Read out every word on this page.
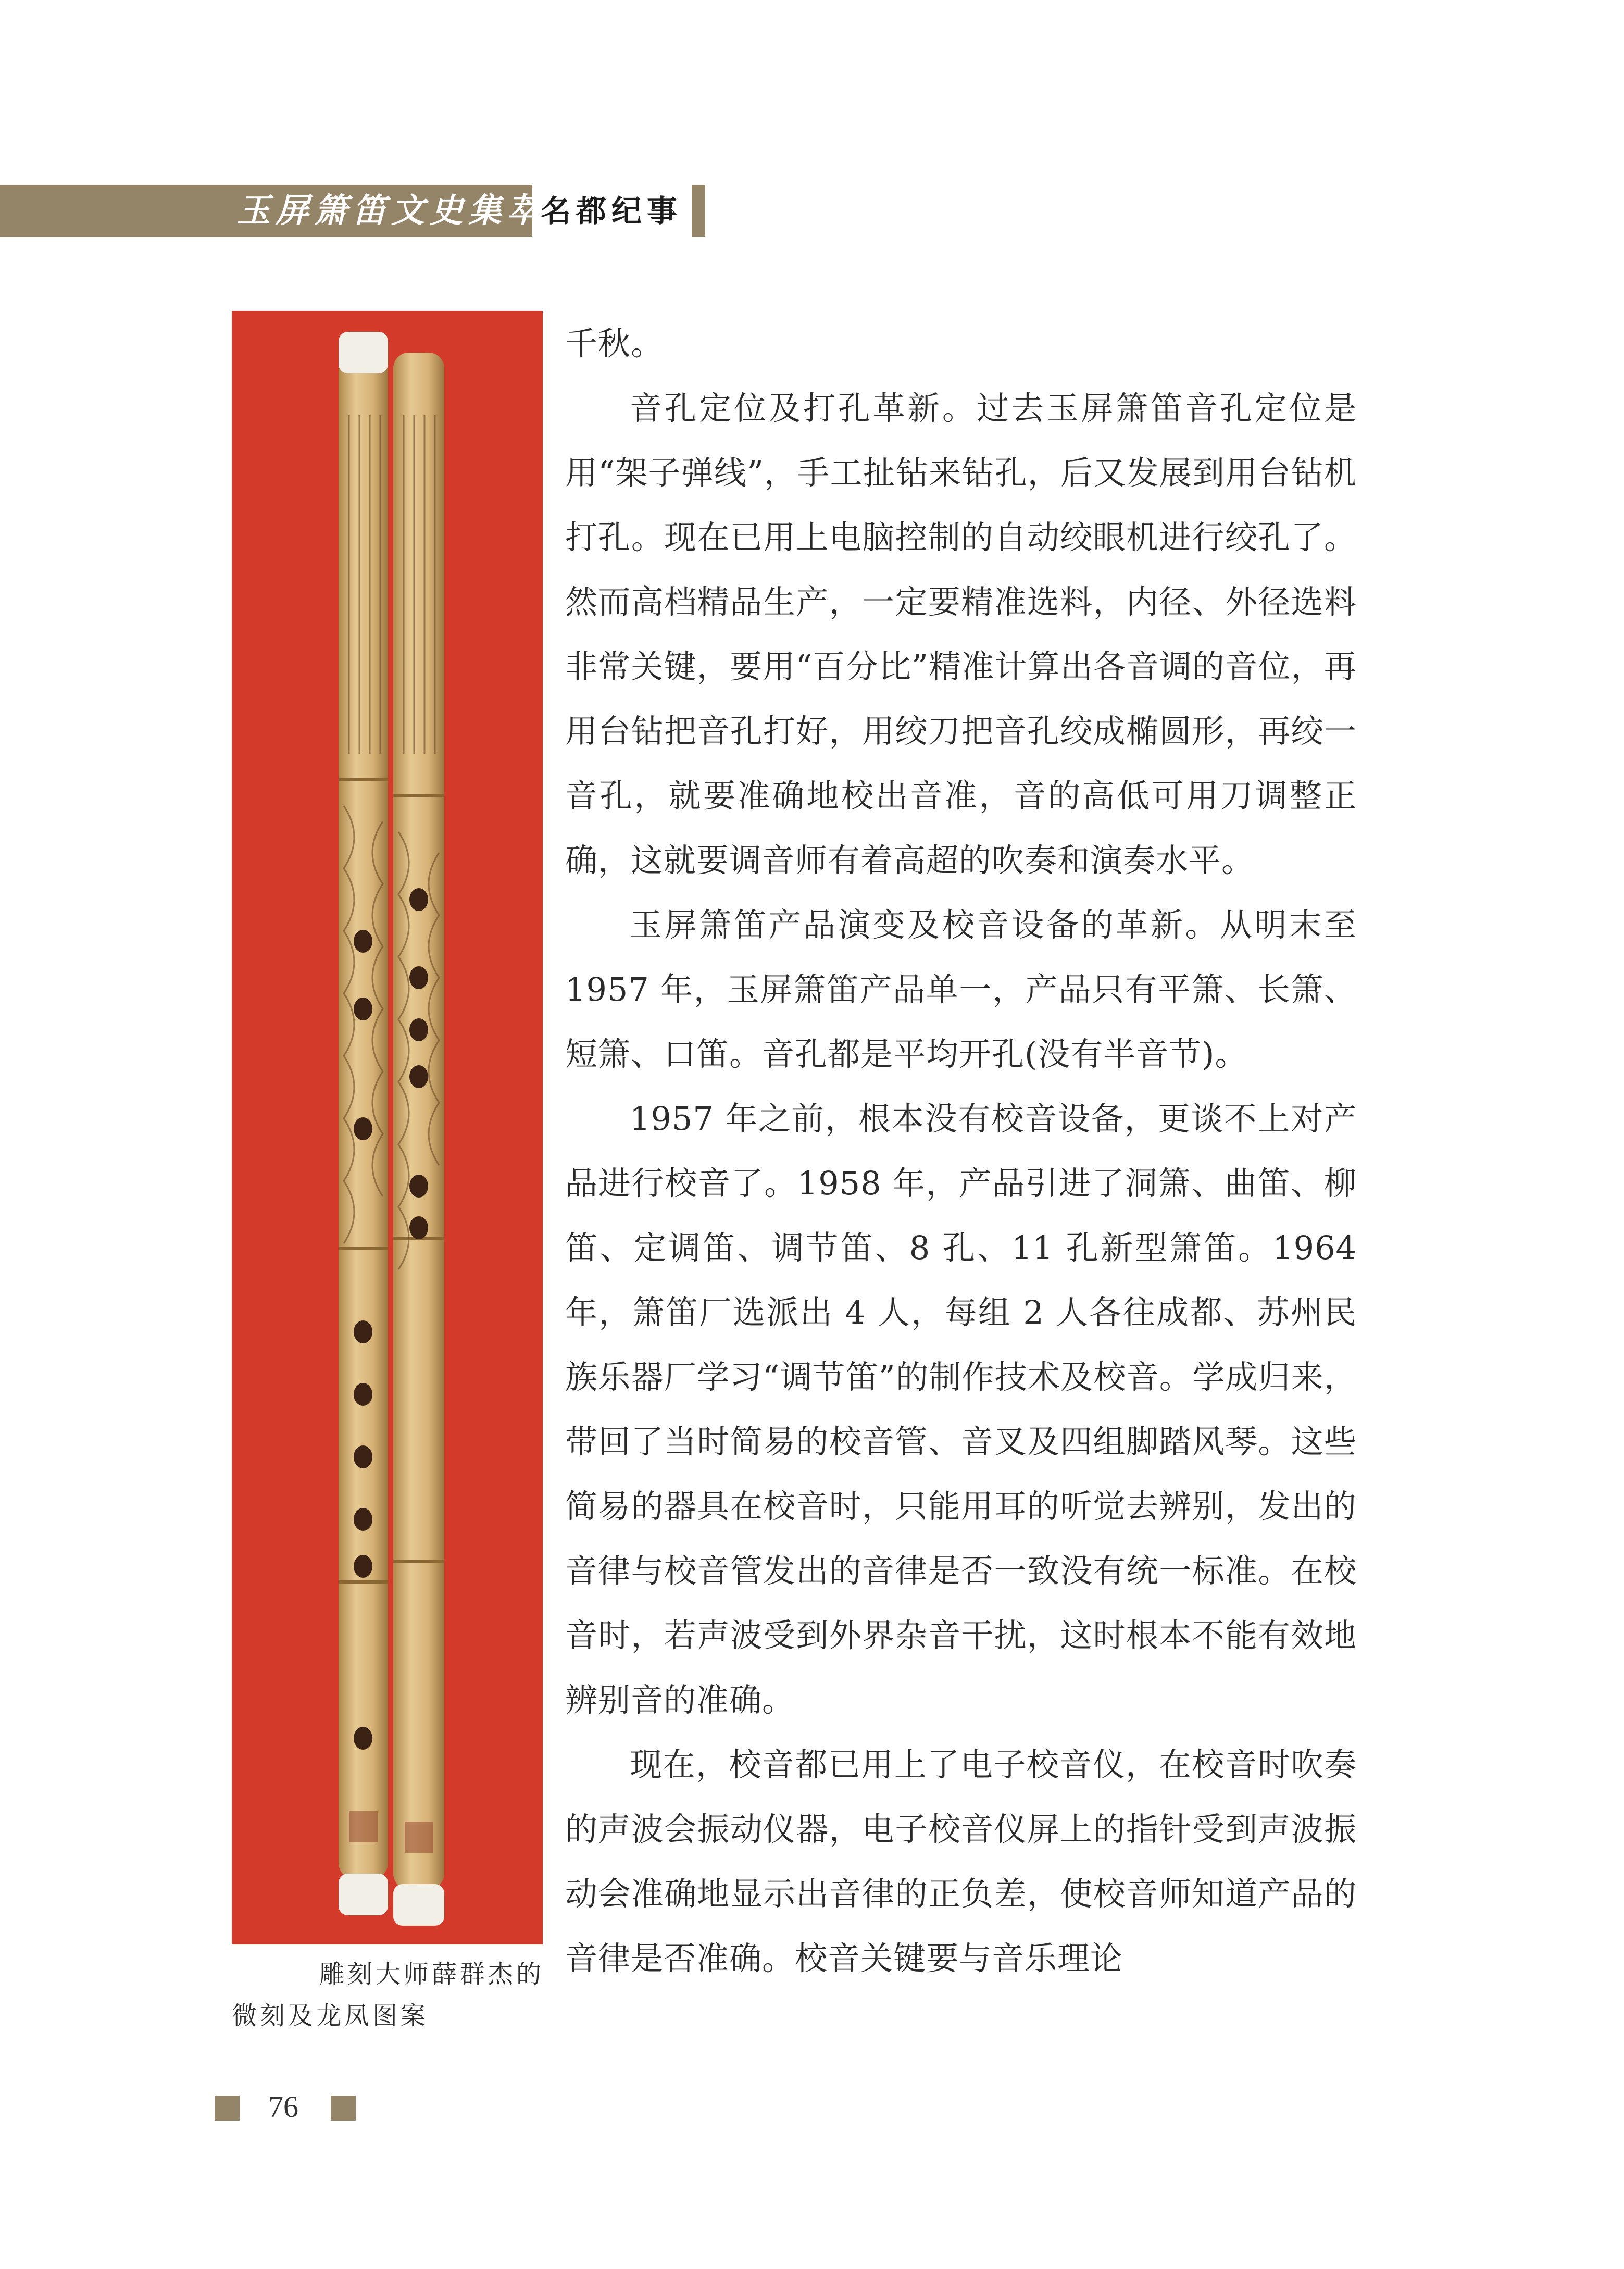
玉屏箫笛文史集萃
名都纪事
雕刻大师薛群杰的
微刻及龙凤图案

千秋。

音孔定位及打孔革新。过去玉屏箫笛音孔定位是用“架子弹线”，手工扯钻来钻孔，后又发展到用台钻机打孔。现在已用上电脑控制的自动绞眼机进行绞孔了。然而高档精品生产，一定要精准选料，内径、外径选料非常关键，要用“百分比”精准计算出各音调的音位，再用台钻把音孔打好，用绞刀把音孔绞成椭圆形，再绞一音孔，就要准确地校出音准，音的高低可用刀调整正确，这就要调音师有着高超的吹奏和演奏水平。

玉屏箫笛产品演变及校音设备的革新。从明末至 1957 年，玉屏箫笛产品单一，产品只有平箫、长箫、短箫、口笛。音孔都是平均开孔(没有半音节)。

1957 年之前，根本没有校音设备，更谈不上对产品进行校音了。1958 年，产品引进了洞箫、曲笛、柳笛、定调笛、调节笛、8 孔、11 孔新型箫笛。1964 年，箫笛厂选派出 4 人，每组 2 人各往成都、苏州民族乐器厂学习“调节笛”的制作技术及校音。学成归来，带回了当时简易的校音管、音叉及四组脚踏风琴。这些简易的器具在校音时，只能用耳的听觉去辨别，发出的音律与校音管发出的音律是否一致没有统一标准。在校音时，若声波受到外界杂音干扰，这时根本不能有效地辨别音的准确。

现在，校音都已用上了电子校音仪，在校音时吹奏的声波会振动仪器，电子校音仪屏上的指针受到声波振动会准确地显示出音律的正负差，使校音师知道产品的音律是否准确。校音关键要与音乐理论

76
